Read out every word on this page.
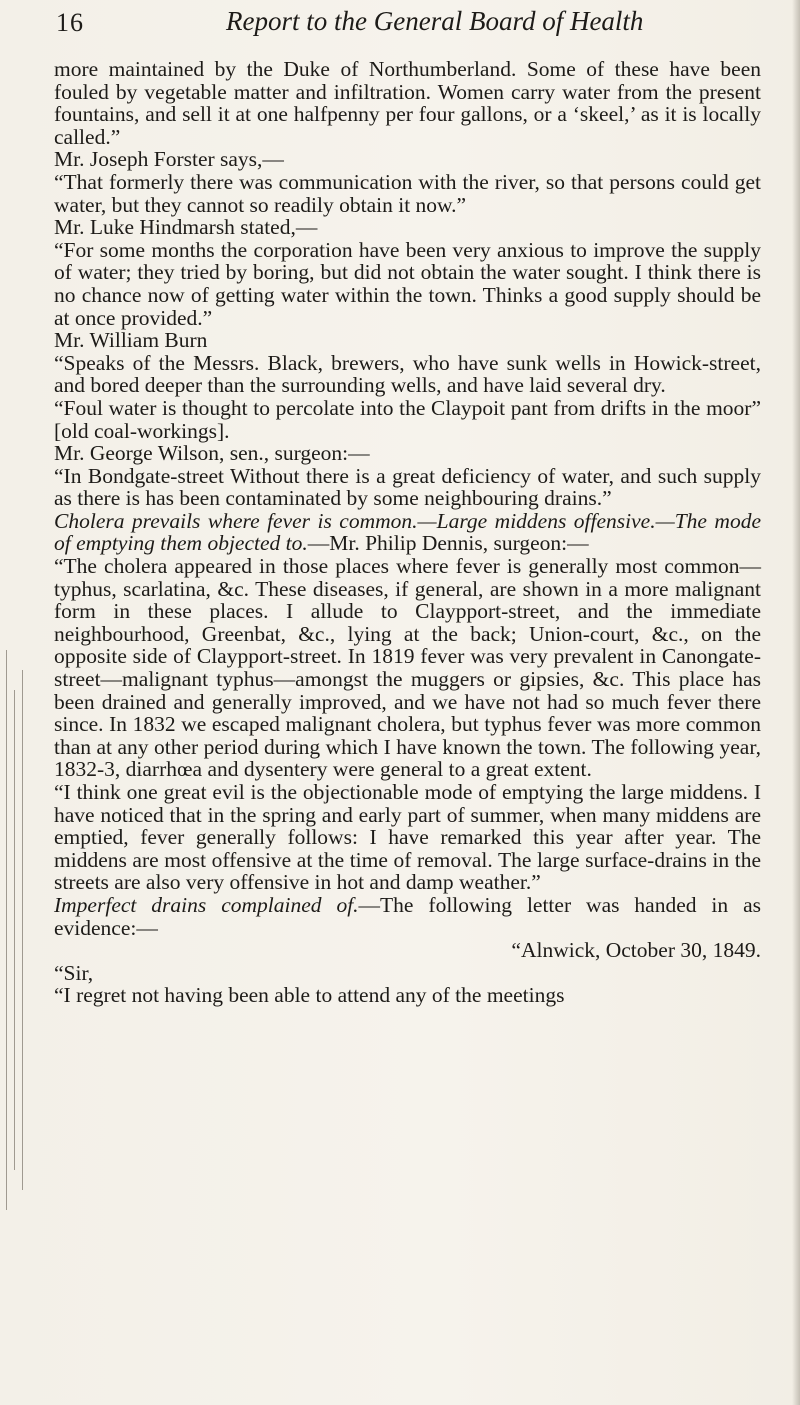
16	Report to the General Board of Health

more maintained by the Duke of Northumberland. Some of these have been fouled by vegetable matter and infiltration. Women carry water from the present fountains, and sell it at one halfpenny per four gallons, or a ‘skeel,’ as it is locally called.”

Mr. Joseph Forster says,—

“That formerly there was communication with the river, so that persons could get water, but they cannot so readily obtain it now.”

Mr. Luke Hindmarsh stated,—

“For some months the corporation have been very anxious to improve the supply of water; they tried by boring, but did not obtain the water sought. I think there is no chance now of getting water within the town. Thinks a good supply should be at once provided.”

Mr. William Burn

“Speaks of the Messrs. Black, brewers, who have sunk wells in Howick-street, and bored deeper than the surrounding wells, and have laid several dry.

“Foul water is thought to percolate into the Claypoit pant from drifts in the moor” [old coal-workings].

Mr. George Wilson, sen., surgeon:—

“In Bondgate-street Without there is a great deficiency of water, and such supply as there is has been contaminated by some neighbouring drains.”

Cholera prevails where fever is common.—Large middens offensive.—The mode of emptying them objected to.—Mr. Philip Dennis, surgeon:—

“The cholera appeared in those places where fever is generally most common—typhus, scarlatina, &c. These diseases, if general, are shown in a more malignant form in these places. I allude to Claypport-street, and the immediate neighbourhood, Greenbat, &c., lying at the back; Union-court, &c., on the opposite side of Claypport-street. In 1819 fever was very prevalent in Canongate-street—malignant typhus—amongst the muggers or gipsies, &c. This place has been drained and generally improved, and we have not had so much fever there since. In 1832 we escaped malignant cholera, but typhus fever was more common than at any other period during which I have known the town. The following year, 1832-3, diarrhœa and dysentery were general to a great extent.

“I think one great evil is the objectionable mode of emptying the large middens. I have noticed that in the spring and early part of summer, when many middens are emptied, fever generally follows: I have remarked this year after year. The middens are most offensive at the time of removal. The large surface-drains in the streets are also very offensive in hot and damp weather.”

Imperfect drains complained of.—The following letter was handed in as evidence:—

“Alnwick, October 30, 1849.

“Sir,

“I regret not having been able to attend any of the meetings
